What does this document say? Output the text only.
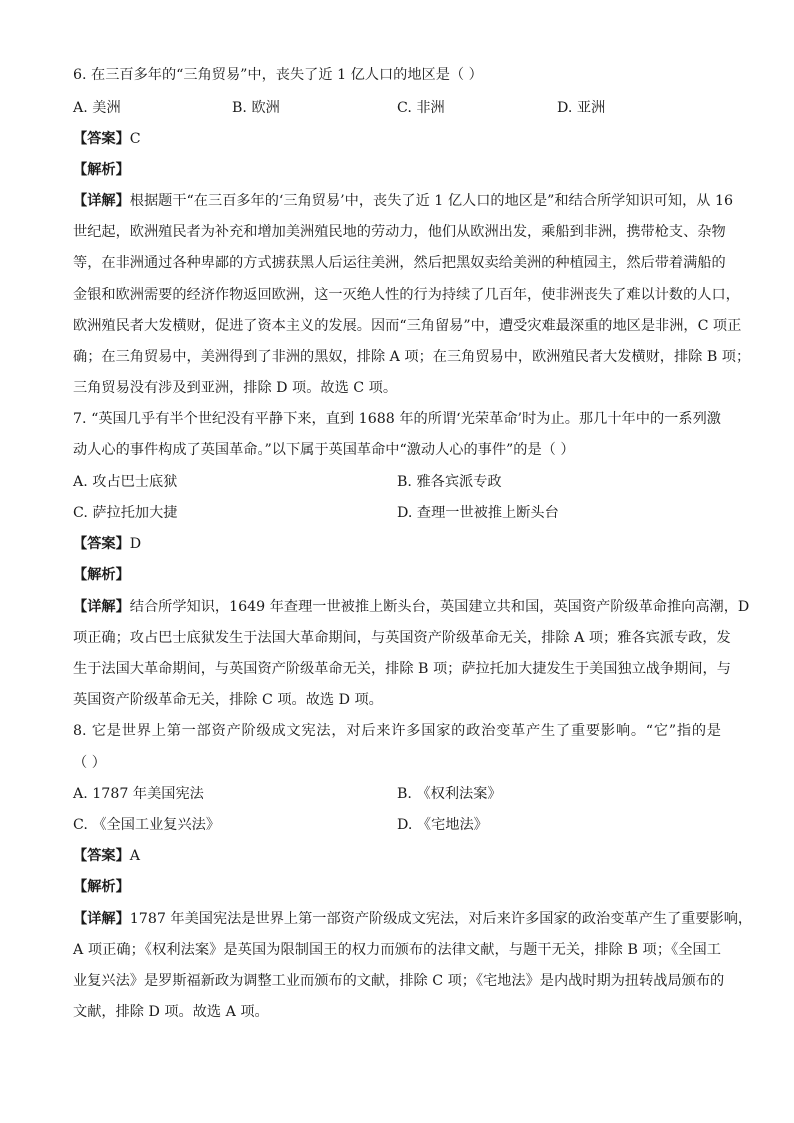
6. 在三百多年的“三角贸易”中，丧失了近 1 亿人口的地区是（ ）
A. 美洲	B. 欧洲	C. 非洲	D. 亚洲
【答案】C
【解析】
【详解】根据题干“在三百多年的‘三角贸易’中，丧失了近 1 亿人口的地区是”和结合所学知识可知，从 16
世纪起，欧洲殖民者为补充和增加美洲殖民地的劳动力，他们从欧洲出发，乘船到非洲，携带枪支、杂物
等，在非洲通过各种卑鄙的方式掳获黑人后运往美洲，然后把黑奴卖给美洲的种植园主，然后带着满船的
金银和欧洲需要的经济作物返回欧洲，这一灭绝人性的行为持续了几百年，使非洲丧失了难以计数的人口，
欧洲殖民者大发横财，促进了资本主义的发展。因而“三角留易”中，遭受灾难最深重的地区是非洲，C 项正
确；在三角贸易中，美洲得到了非洲的黑奴，排除 A 项；在三角贸易中，欧洲殖民者大发横财，排除 B 项；
三角贸易没有涉及到亚洲，排除 D 项。故选 C 项。
7. “英国几乎有半个世纪没有平静下来，直到 1688 年的所谓‘光荣革命’时为止。那几十年中的一系列激
动人心的事件构成了英国革命。”以下属于英国革命中“激动人心的事件”的是（ ）
A. 攻占巴士底狱	B. 雅各宾派专政
C. 萨拉托加大捷	D. 查理一世被推上断头台
【答案】D
【解析】
【详解】结合所学知识，1649 年查理一世被推上断头台，英国建立共和国，英国资产阶级革命推向高潮，D
项正确；攻占巴士底狱发生于法国大革命期间，与英国资产阶级革命无关，排除 A 项；雅各宾派专政，发
生于法国大革命期间，与英国资产阶级革命无关，排除 B 项；萨拉托加大捷发生于美国独立战争期间，与
英国资产阶级革命无关，排除 C 项。故选 D 项。
8. 它是世界上第一部资产阶级成文宪法，对后来许多国家的政治变革产生了重要影响。“它”指的是
（ ）
A. 1787 年美国宪法	B. 《权利法案》
C. 《全国工业复兴法》	D. 《宅地法》
【答案】A
【解析】
【详解】1787 年美国宪法是世界上第一部资产阶级成文宪法，对后来许多国家的政治变革产生了重要影响，
A 项正确；《权利法案》是英国为限制国王的权力而颁布的法律文献，与题干无关，排除 B 项；《全国工
业复兴法》是罗斯福新政为调整工业而颁布的文献，排除 C 项；《宅地法》是内战时期为扭转战局颁布的
文献，排除 D 项。故选 A 项。
